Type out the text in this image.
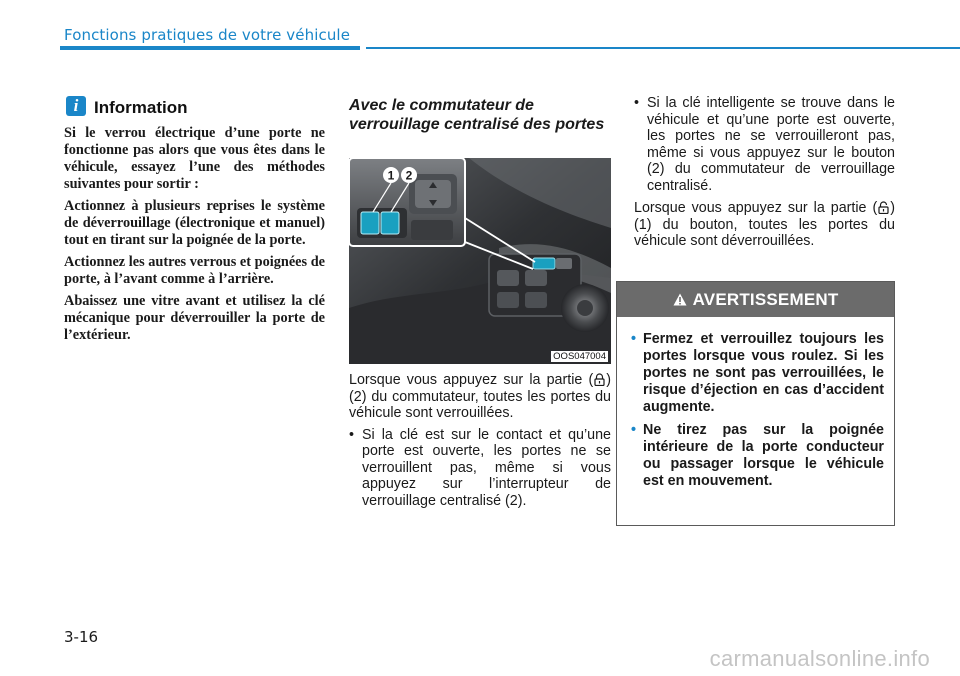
Fonctions pratiques de votre véhicule
i Information

Si le verrou électrique d’une porte ne fonctionne pas alors que vous êtes dans le véhicule, essayez l’une des méthodes suivantes pour sortir :

Actionnez à plusieurs reprises le système de déverrouillage (électronique et manuel) tout en tirant sur la poignée de la porte.

Actionnez les autres verrous et poignées de porte, à l’avant comme à l’arrière.

Abaissez une vitre avant et utilisez la clé mécanique pour déverrouiller la porte de l’extérieur.

Avec le commutateur de verrouillage centralisé des portes
1 2
OOS047004

Lorsque vous appuyez sur la partie ( ) (2) du commutateur, toutes les portes du véhicule sont verrouillées.

• Si la clé est sur le contact et qu’une porte est ouverte, les portes ne se verrouillent pas, même si vous appuyez sur l’interrupteur de verrouillage centralisé (2).
• Si la clé intelligente se trouve dans le véhicule et qu’une porte est ouverte, les portes ne se verrouilleront pas, même si vous appuyez sur le bouton (2) du commutateur de verrouillage centralisé.

Lorsque vous appuyez sur la partie ( ) (1) du bouton, toutes les portes du véhicule sont déverrouillées.

AVERTISSEMENT
• Fermez et verrouillez toujours les portes lorsque vous roulez. Si les portes ne sont pas verrouillées, le risque d’éjection en cas d’accident augmente.
• Ne tirez pas sur la poignée intérieure de la porte conducteur ou passager lorsque le véhicule est en mouvement.
3-16
carmanualsonline.info
